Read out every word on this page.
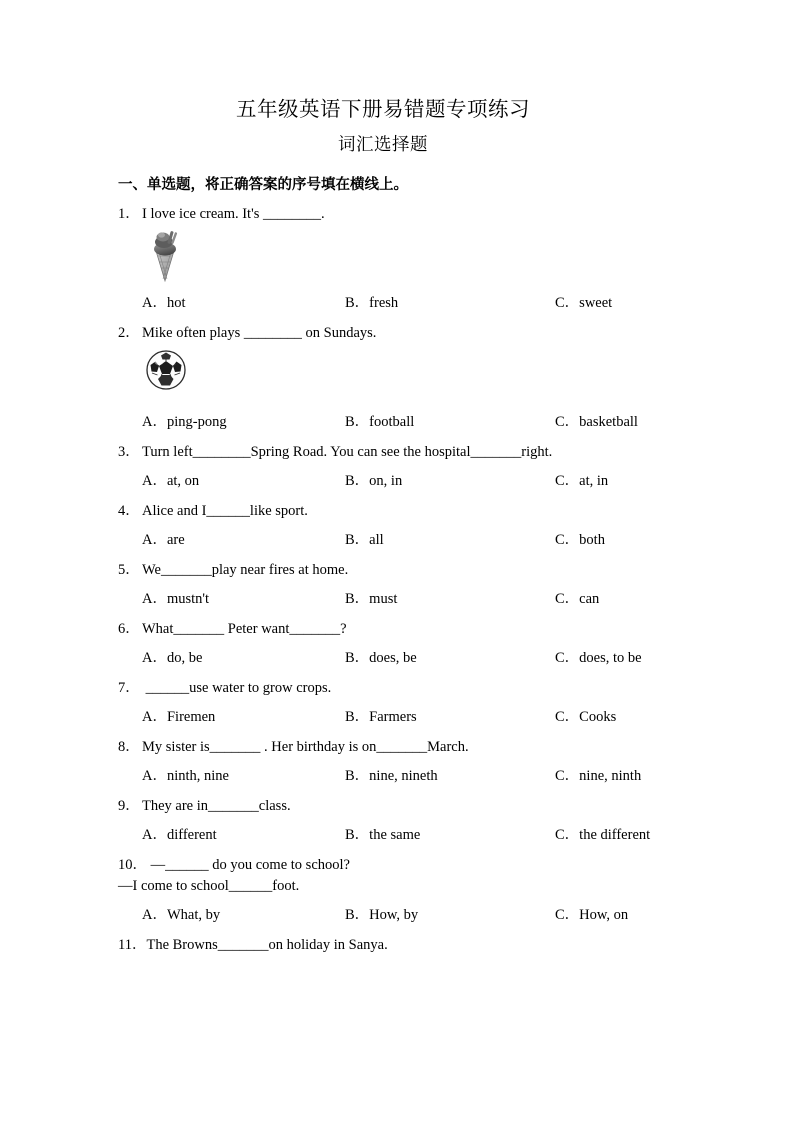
五年级英语下册易错题专项练习
词汇选择题
一、单选题，将正确答案的序号填在横线上。
1． I love ice cream. It's ________.
A．hot	B．fresh	C．sweet
2． Mike often plays ________ on Sundays.
A．ping-pong	B．football	C．basketball
3． Turn left________Spring Road. You can see the hospital_______right.
A．at, on	B．on, in	C．at, in
4． Alice and I______like sport.
A．are	B．all	C．both
5． We_______play near fires at home.
A．mustn't	B．must	C．can
6． What_______ Peter want_______?
A．do, be	B．does, be	C．does, to be
7． ______use water to grow crops.
A．Firemen	B．Farmers	C．Cooks
8． My sister is_______ . Her birthday is on_______March.
A．ninth, nine	B．nine, nineth	C．nine, ninth
9． They are in_______class.
A．different	B．the same	C．the different
10． —______ do you come to school?
—I come to school______foot.
A．What, by	B．How, by	C．How, on
11．The Browns_______on holiday in Sanya.
